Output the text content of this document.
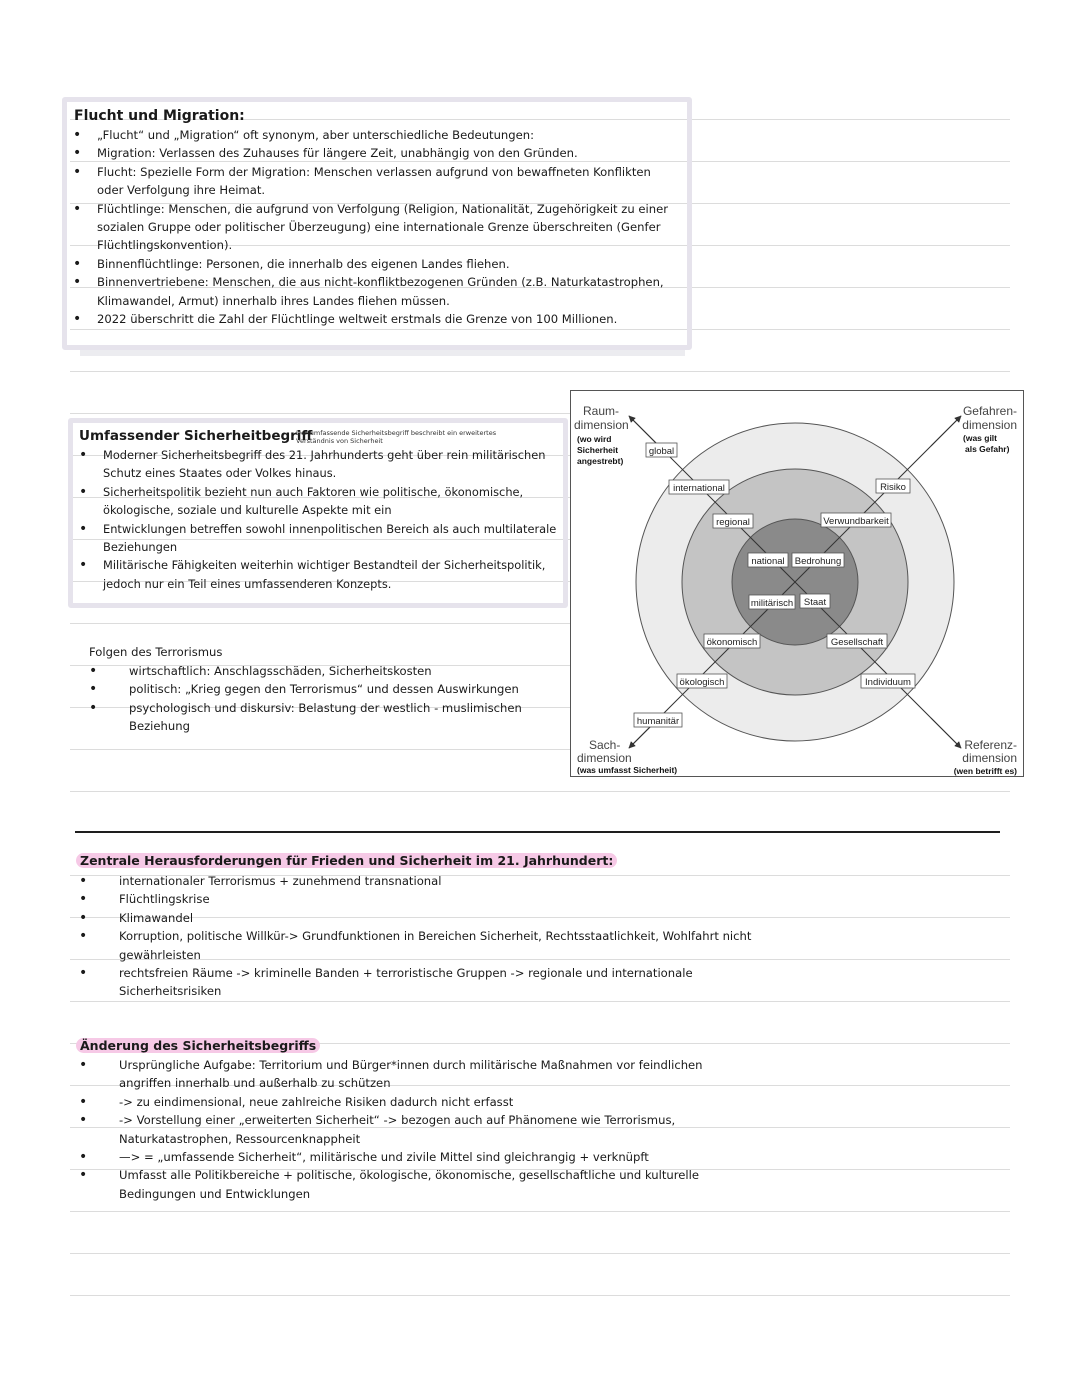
Flucht und Migration:
• „Flucht“ und „Migration“ oft synonym, aber unterschiedliche Bedeutungen:
• Migration: Verlassen des Zuhauses für längere Zeit, unabhängig von den Gründen.
• Flucht: Spezielle Form der Migration: Menschen verlassen aufgrund von bewaffneten Konflikten oder Verfolgung ihre Heimat.
• Flüchtlinge: Menschen, die aufgrund von Verfolgung (Religion, Nationalität, Zugehörigkeit zu einer sozialen Gruppe oder politischer Überzeugung) eine internationale Grenze überschreiten (Genfer Flüchtlingskonvention).
• Binnenflüchtlinge: Personen, die innerhalb des eigenen Landes fliehen.
• Binnenvertriebene: Menschen, die aus nicht-konfliktbezogenen Gründen (z.B. Naturkatastrophen, Klimawandel, Armut) innerhalb ihres Landes fliehen müssen.
• 2022 überschritt die Zahl der Flüchtlinge weltweit erstmals die Grenze von 100 Millionen.
Umfassender Sicherheitbegriff
Der umfassende Sicherheitsbegriff beschreibt ein erweitertes Verständnis von Sicherheit
• Moderner Sicherheitsbegriff des 21. Jahrhunderts geht über rein militärischen Schutz eines Staates oder Volkes hinaus.
• Sicherheitspolitik bezieht nun auch Faktoren wie politische, ökonomische, ökologische, soziale und kulturelle Aspekte mit ein
• Entwicklungen betreffen sowohl innenpolitischen Bereich als auch multilaterale Beziehungen
• Militärische Fähigkeiten weiterhin wichtiger Bestandteil der Sicherheitspolitik, jedoch nur ein Teil eines umfassenderen Konzepts.
Folgen des Terrorismus
•	wirtschaftlich: Anschlagsschäden, Sicherheitskosten
•	politisch: „Krieg gegen den Terrorismus“ und dessen Auswirkungen
•	psychologisch und diskursiv: Belastung der westlich - muslimischen Beziehung
Raum-
dimension
(wo wird
Sicherheit
angestrebt)
Gefahren-
dimension
(was gilt
als Gefahr)
Sach-
dimension
(was umfasst Sicherheit)
Referenz-
dimension
(wen betrifft es)
global
international	Risiko
regional	Verwundbarkeit
national Bedrohung
militärisch Staat
ökonomisch	Gesellschaft
ökologisch	Individuum
humanitär
Zentrale Herausforderungen für Frieden und Sicherheit im 21. Jahrhundert:
•	internationaler Terrorismus + zunehmend transnational
•	Flüchtlingskrise
•	Klimawandel
•	Korruption, politische Willkür-> Grundfunktionen in Bereichen Sicherheit, Rechtsstaatlichkeit, Wohlfahrt nicht gewährleisten
•	rechtsfreien Räume -> kriminelle Banden + terroristische Gruppen -> regionale und internationale Sicherheitsrisiken
Änderung des Sicherheitsbegriffs
•	Ursprüngliche Aufgabe: Territorium und Bürger*innen durch militärische Maßnahmen vor feindlichen angriffen innerhalb und außerhalb zu schützen
•	-> zu eindimensional, neue zahlreiche Risiken dadurch nicht erfasst
•	-> Vorstellung einer „erweiterten Sicherheit“ -> bezogen auch auf Phänomene wie Terrorismus, Naturkatastrophen, Ressourcenknappheit
•	—> = „umfassende Sicherheit“, militärische und zivile Mittel sind gleichrangig + verknüpft
•	Umfasst alle Politikbereiche + politische, ökologische, ökonomische, gesellschaftliche und kulturelle Bedingungen und Entwicklungen
